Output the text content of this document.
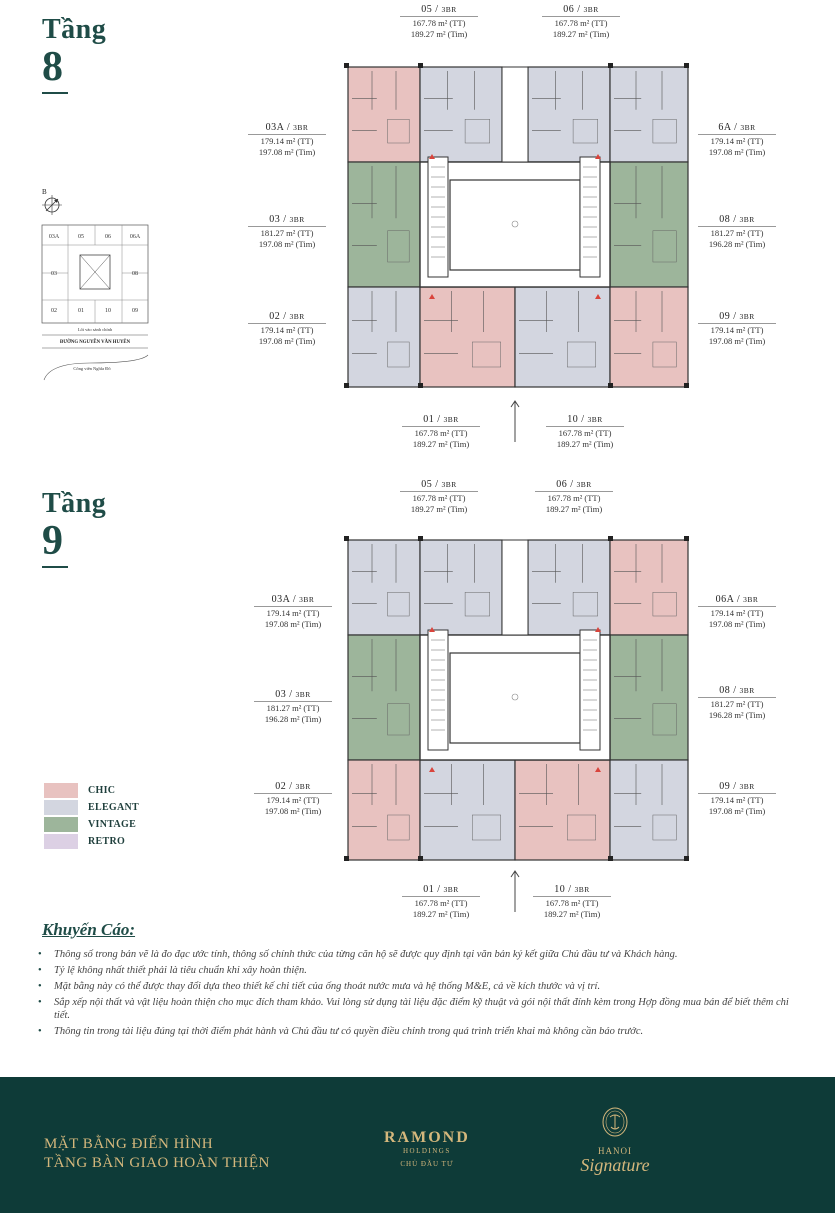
Tầng
8
05 / 3BR
167.78 m² (TT)
189.27 m² (Tim)
06 / 3BR
167.78 m² (TT)
189.27 m² (Tim)
03A / 3BR
179.14 m² (TT)
197.08 m² (Tim)
6A / 3BR
179.14 m² (TT)
197.08 m² (Tim)
03 / 3BR
181.27 m² (TT)
197.08 m² (Tim)
08 / 3BR
181.27 m² (TT)
196.28 m² (Tim)
02 / 3BR
179.14 m² (TT)
197.08 m² (Tim)
09 / 3BR
179.14 m² (TT)
197.08 m² (Tim)
01 / 3BR
167.78 m² (TT)
189.27 m² (Tim)
10 / 3BR
167.78 m² (TT)
189.27 m² (Tim)
B
03A	05	06	06A
03	08
02	01	10	09
Lối vào sảnh chính
ĐƯỜNG NGUYỄN VĂN HUYÊN
Công viên Nghĩa Đô
Tầng
9
05 / 3BR
167.78 m² (TT)
189.27 m² (Tim)
06 / 3BR
167.78 m² (TT)
189.27 m² (Tim)
03A / 3BR
179.14 m² (TT)
197.08 m² (Tim)
06A / 3BR
179.14 m² (TT)
197.08 m² (Tim)
03 / 3BR
181.27 m² (TT)
196.28 m² (Tim)
08 / 3BR
181.27 m² (TT)
196.28 m² (Tim)
02 / 3BR
179.14 m² (TT)
197.08 m² (Tim)
09 / 3BR
179.14 m² (TT)
197.08 m² (Tim)
01 / 3BR
167.78 m² (TT)
189.27 m² (Tim)
10 / 3BR
167.78 m² (TT)
189.27 m² (Tim)
CHIC
ELEGANT
VINTAGE
RETRO
Khuyến Cáo:
• Thông số trong bản vẽ là đo đạc ước tính, thông số chính thức của từng căn hộ sẽ được quy định tại văn bản ký kết giữa Chủ đầu tư và Khách hàng.
• Tỷ lệ không nhất thiết phải là tiêu chuẩn khi xây hoàn thiện.
• Mặt bằng này có thể được thay đổi dựa theo thiết kế chi tiết của ống thoát nước mưa và hệ thống M&E, cả về kích thước và vị trí.
• Sắp xếp nội thất và vật liệu hoàn thiện cho mục đích tham khảo. Vui lòng sử dụng tài liệu đặc điểm kỹ thuật và gói nội thất đính kèm trong Hợp đồng mua bán để biết thêm chi tiết.
• Thông tin trong tài liệu đúng tại thời điểm phát hành và Chủ đầu tư có quyền điều chỉnh trong quá trình triển khai mà không cần báo trước.
MẶT BẰNG ĐIỂN HÌNH
TẦNG BÀN GIAO HOÀN THIỆN
RAMOND
HOLDINGS
CHỦ ĐẦU TƯ
HANOI
Signature
